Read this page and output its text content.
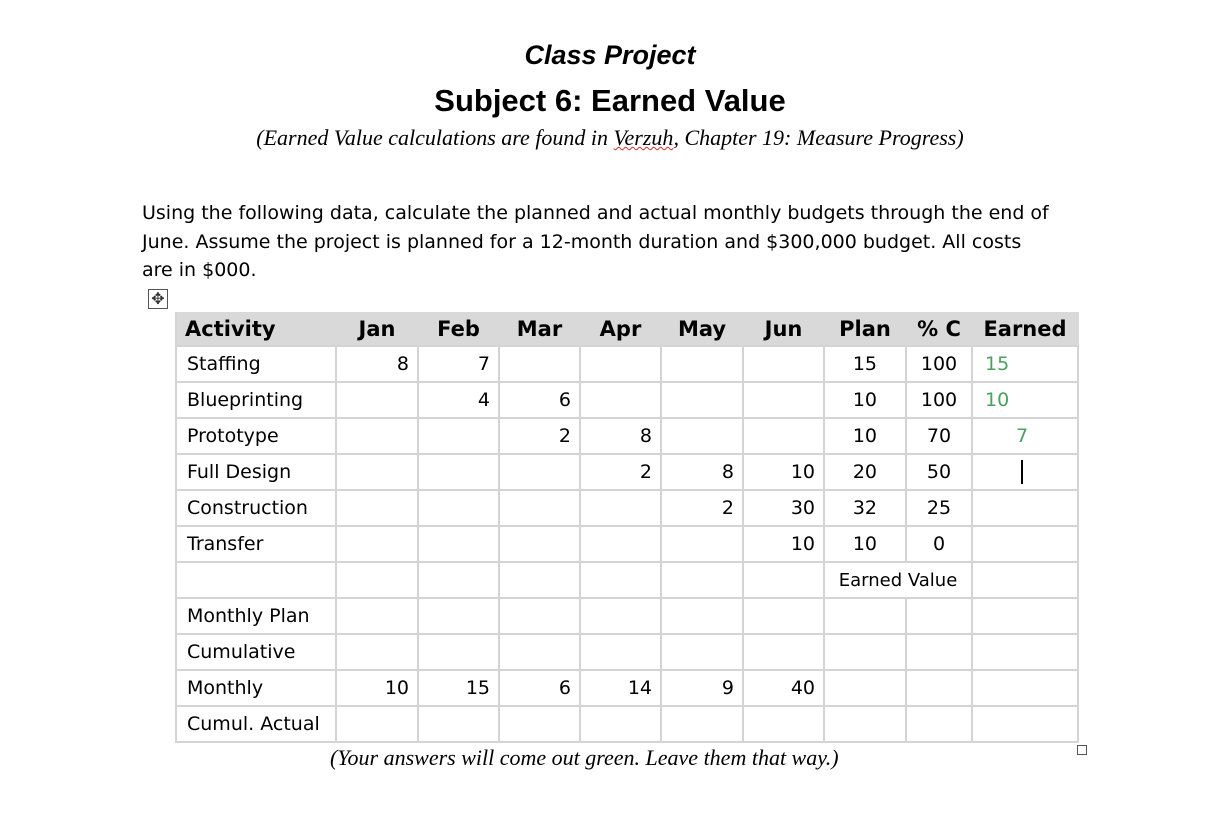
Class Project
Subject 6: Earned Value
(Earned Value calculations are found in Verzuh, Chapter 19: Measure Progress)
Using the following data, calculate the planned and actual monthly budgets through the end of
June. Assume the project is planned for a 12-month duration and $300,000 budget. All costs
are in $000.
✥
Activity	Jan	Feb	Mar	Apr	May	Jun	Plan	% C	Earned
Staffing	8	7					15	100	15
Blueprinting		4	6				10	100	10
Prototype			2	8			10	70	7
Full Design				2	8	10	20	50	
Construction					2	30	32	25	
Transfer						10	10	0	
							Earned Value		
Monthly Plan									
Cumulative									
Monthly	10	15	6	14	9	40			
Cumul. Actual									
(Your answers will come out green. Leave them that way.)
